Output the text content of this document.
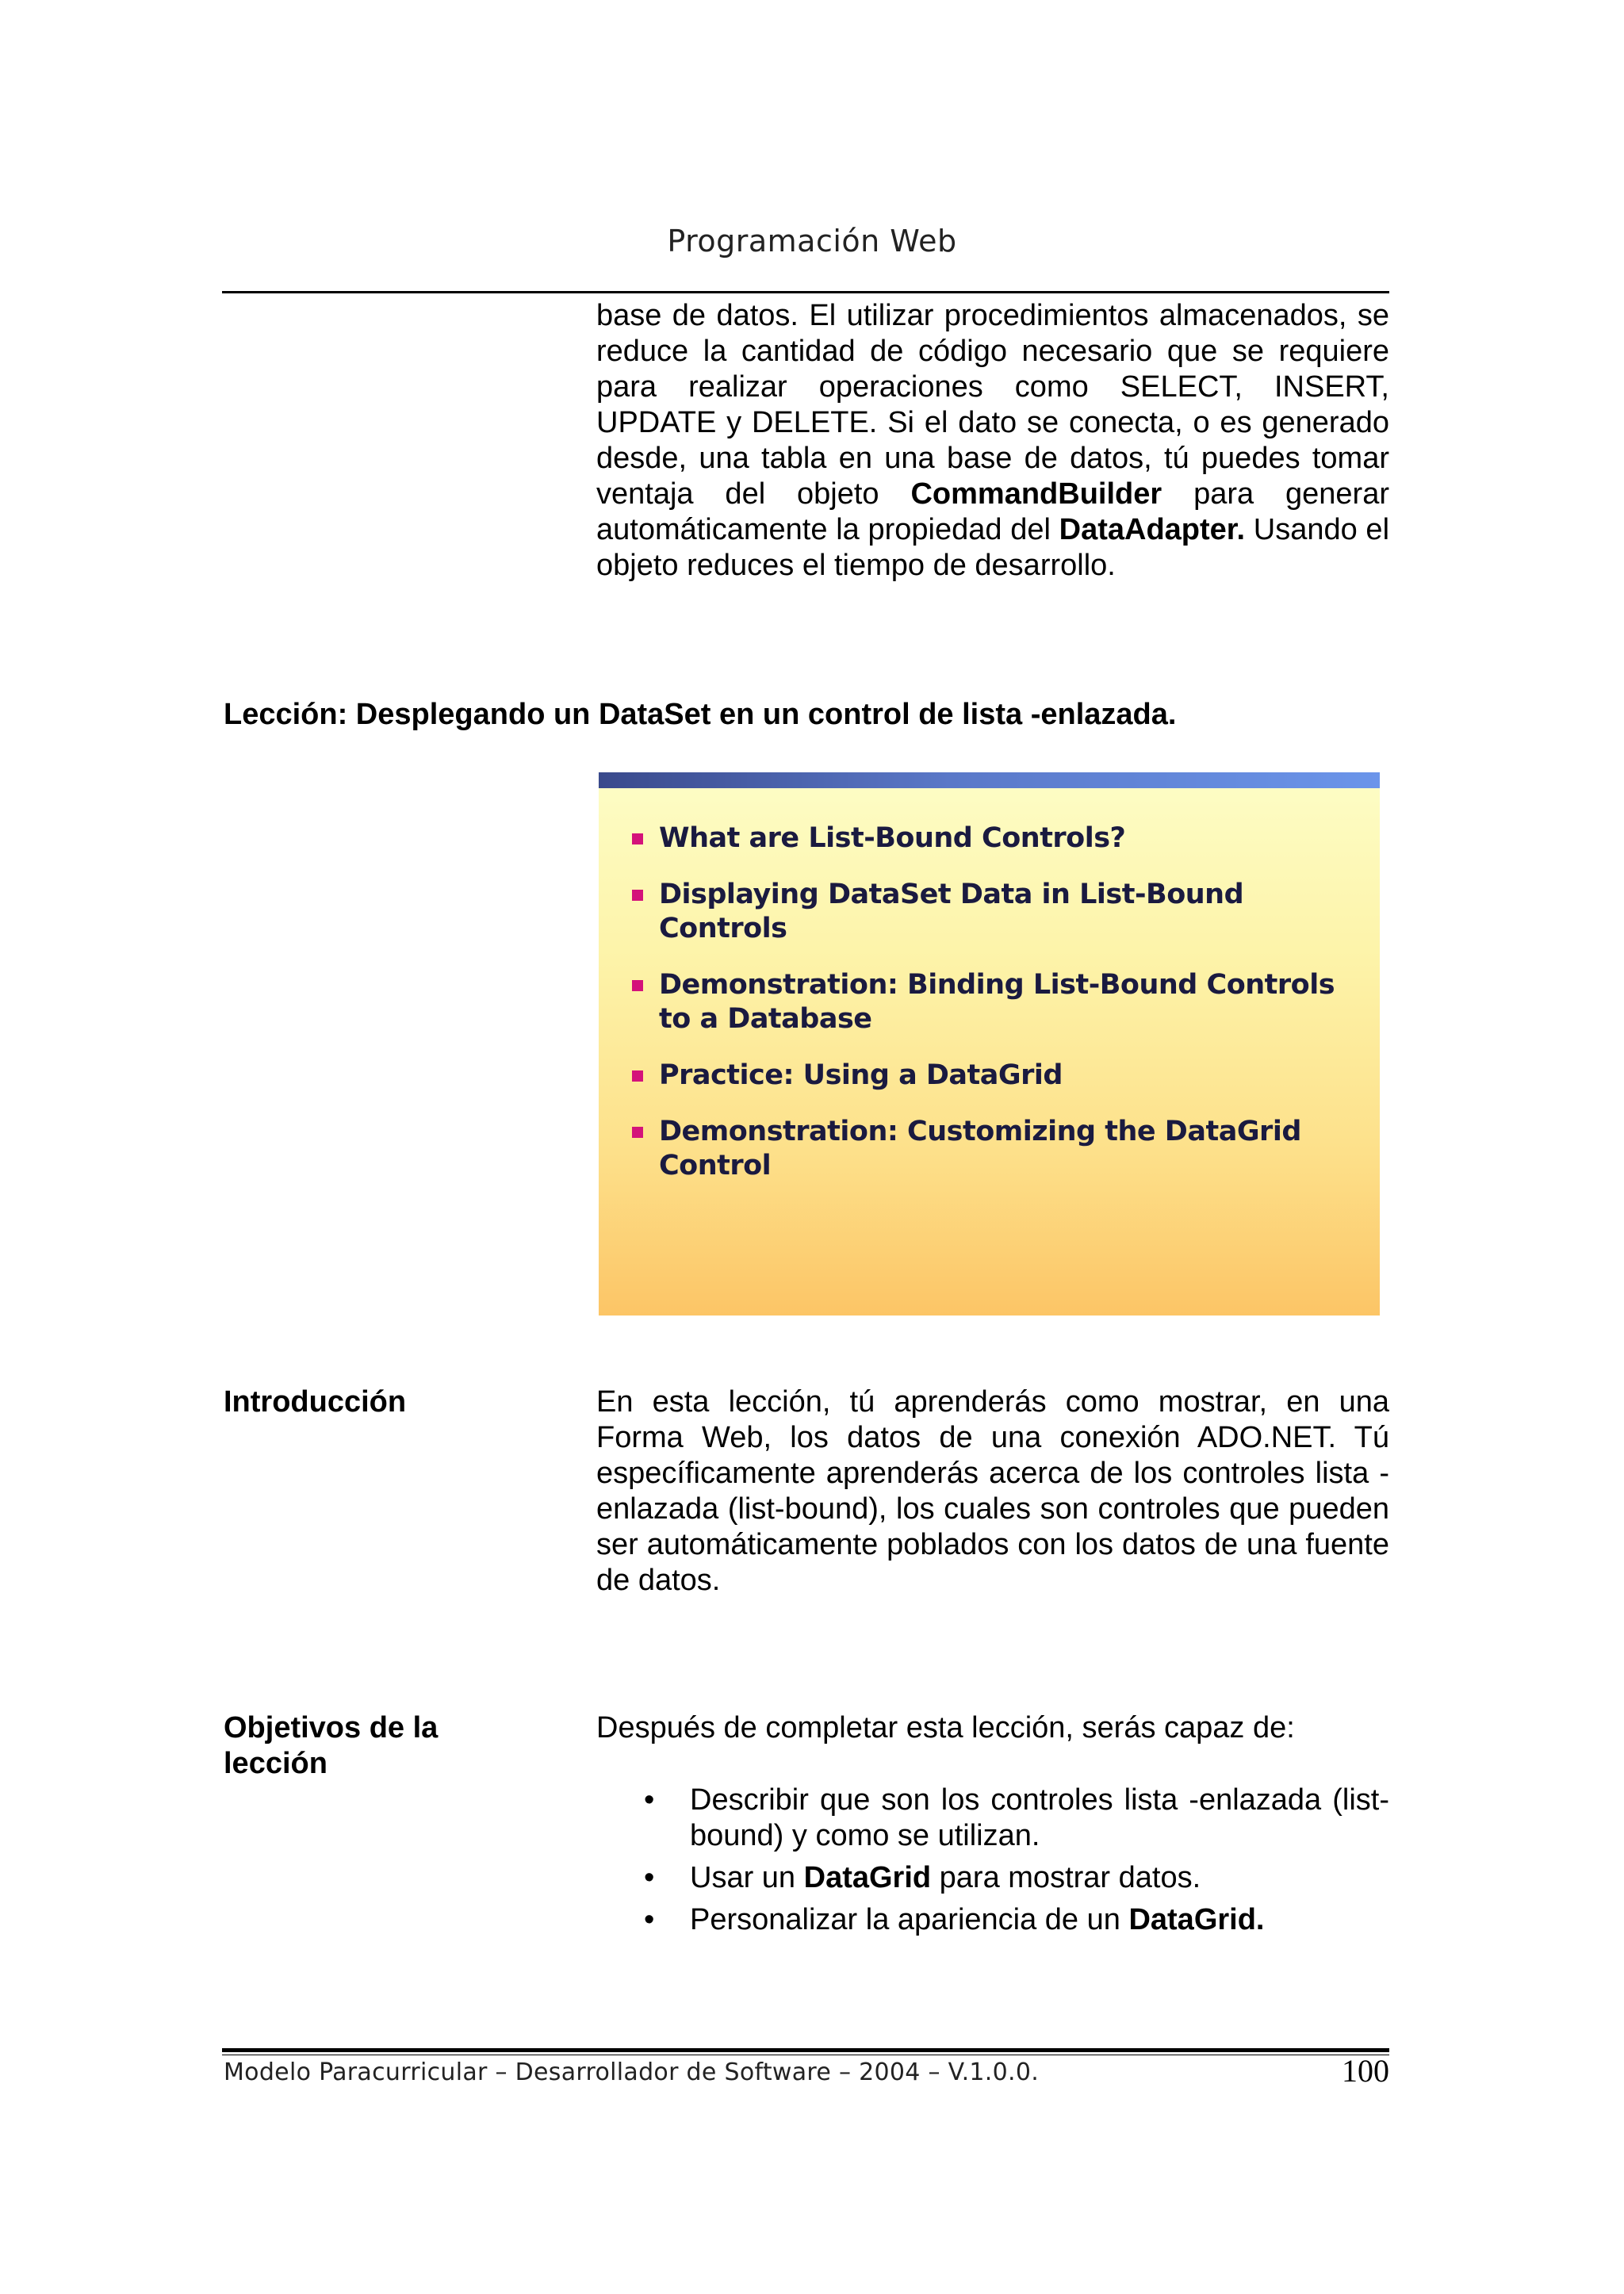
Programación Web
base de datos. El utilizar procedimientos almacenados, se reduce la cantidad de código necesario que se requiere para realizar operaciones como SELECT, INSERT, UPDATE y DELETE. Si el dato se conecta, o es generado desde, una tabla en una base de datos, tú puedes tomar ventaja del objeto CommandBuilder para generar automáticamente la propiedad del DataAdapter. Usando el objeto reduces el tiempo de desarrollo.
Lección: Desplegando un DataSet en un control de lista -enlazada.
What are List-Bound Controls?
Displaying DataSet Data in List-Bound Controls
Demonstration: Binding List-Bound Controls to a Database
Practice: Using a DataGrid
Demonstration: Customizing the DataGrid Control
Introducción	En esta lección, tú aprenderás como mostrar, en una Forma Web, los datos de una conexión ADO.NET. Tú específicamente aprenderás acerca de los controles lista - enlazada (list-bound), los cuales son controles que pueden ser automáticamente poblados con los datos de una fuente de datos.
Objetivos de la lección
Después de completar esta lección, serás capaz de:
• Describir que son los controles lista -enlazada (list-bound) y como se utilizan.
• Usar un DataGrid para mostrar datos.
• Personalizar la apariencia de un DataGrid.
Modelo Paracurricular – Desarrollador de Software – 2004 – V.1.0.0.	100
